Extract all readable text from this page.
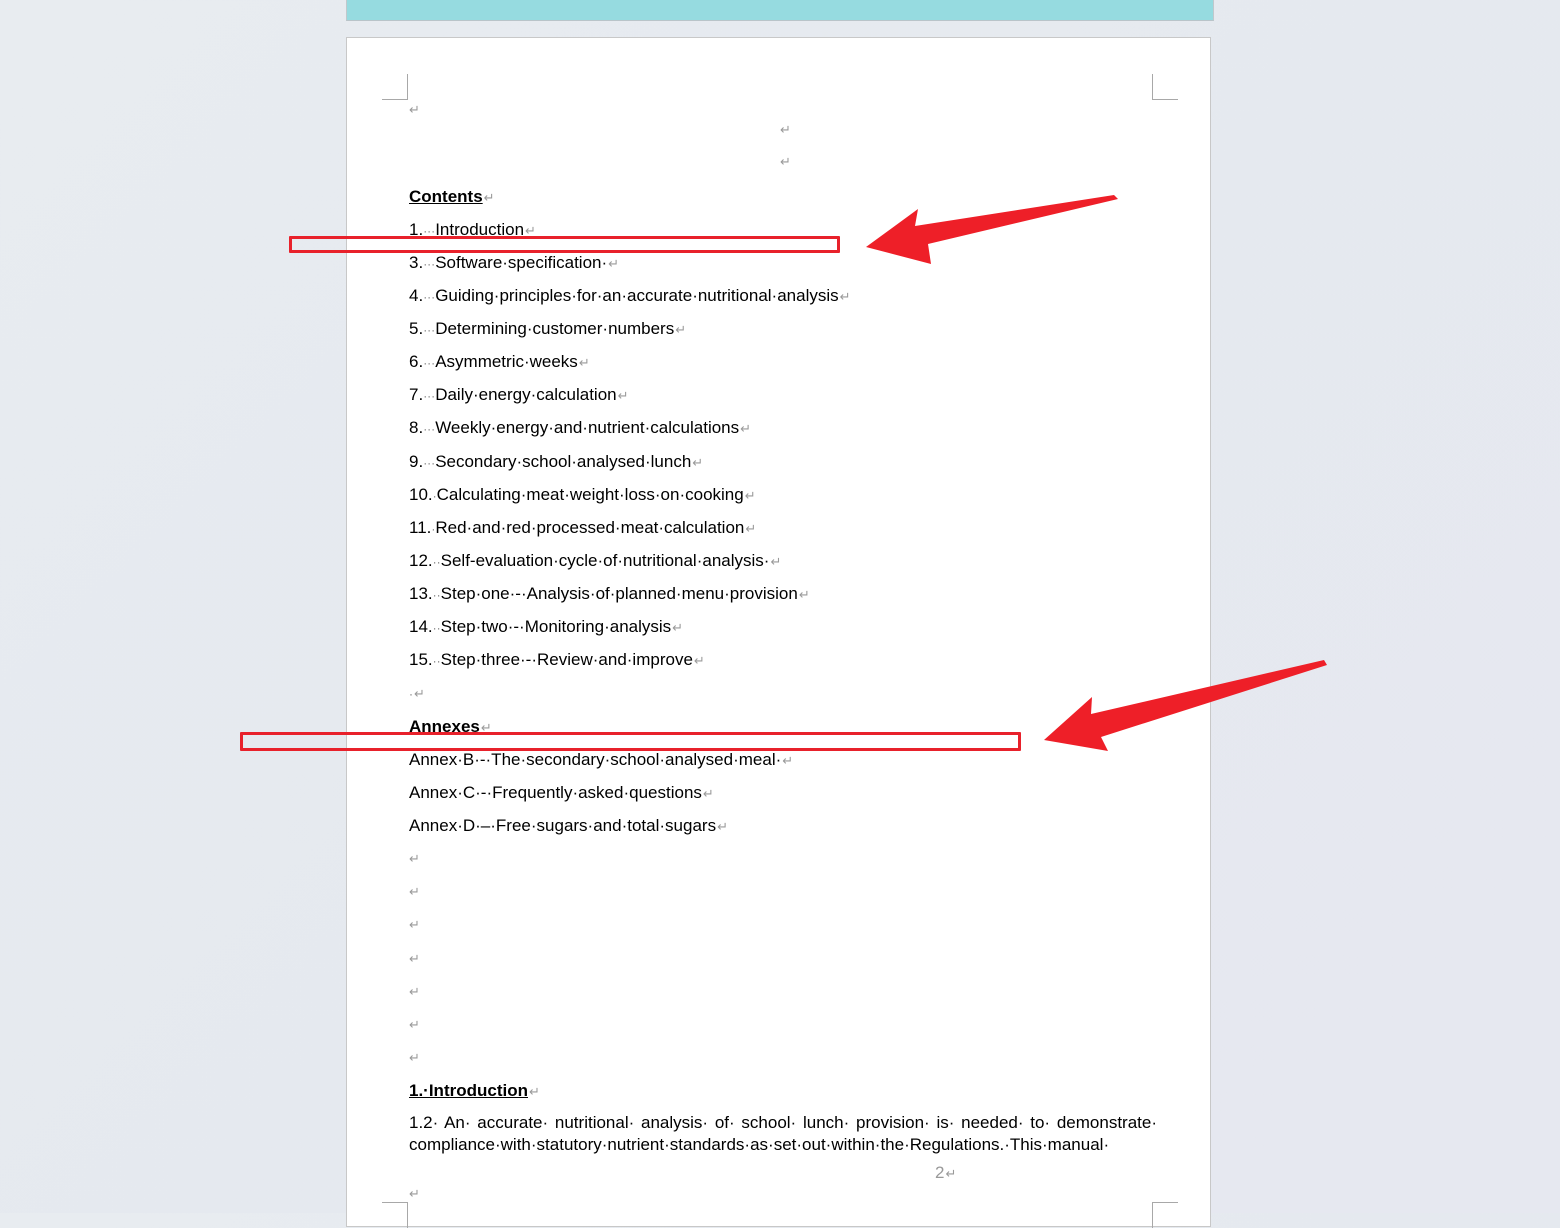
↵
↵
↵
Contents↵
1.···Introduction↵
3.···Software·specification·↵
4.···Guiding·principles·for·an·accurate·nutritional·analysis↵
5.···Determining·customer·numbers↵
6.···Asymmetric·weeks↵
7.···Daily·energy·calculation↵
8.···Weekly·energy·and·nutrient·calculations↵
9.···Secondary·school·analysed·lunch↵
10.·Calculating·meat·weight·loss·on·cooking↵
11.·Red·and·red·processed·meat·calculation↵
12.··Self-evaluation·cycle·of·nutritional·analysis·↵
13.··Step·one·-·Analysis·of·planned·menu·provision↵
14.··Step·two·-·Monitoring·analysis↵
15.··Step·three·-·Review·and·improve↵
·↵
Annexes↵
Annex·B·-·The·secondary·school·analysed·meal·↵
Annex·C·-·Frequently·asked·questions↵
Annex·D·–·Free·sugars·and·total·sugars↵
↵
↵
↵
↵
↵
↵
↵
1.·Introduction↵
1.2· An· accurate· nutritional· analysis· of· school· lunch· provision· is· needed· to· demonstrate· compliance·with·statutory·nutrient·standards·as·set·out·within·the·Regulations.·This·manual·
2↵
↵
